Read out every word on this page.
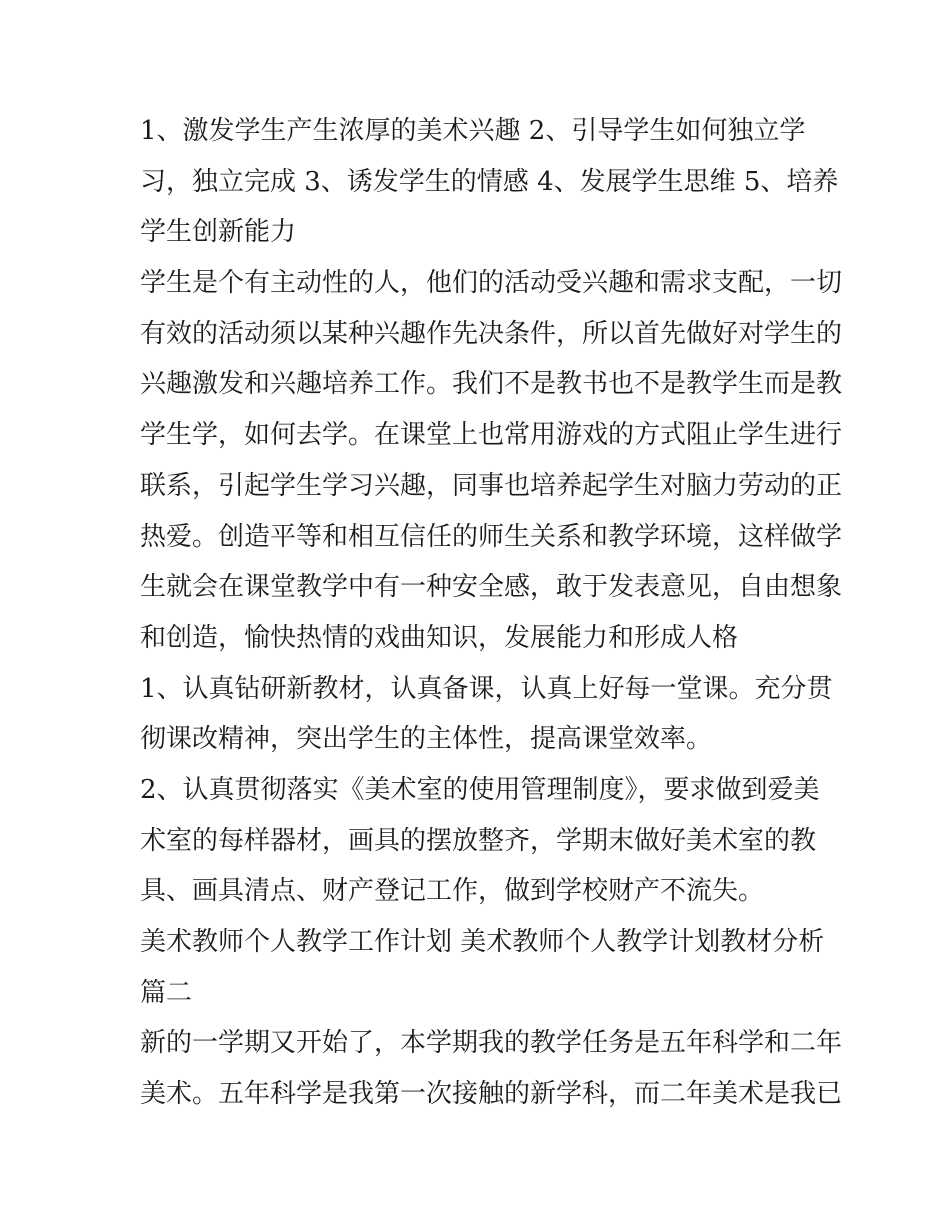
1、激发学生产生浓厚的美术兴趣 2、引导学生如何独立学
习，独立完成 3、诱发学生的情感 4、发展学生思维 5、培养
学生创新能力
学生是个有主动性的人，他们的活动受兴趣和需求支配，一切
有效的活动须以某种兴趣作先决条件，所以首先做好对学生的
兴趣激发和兴趣培养工作。我们不是教书也不是教学生而是教
学生学，如何去学。在课堂上也常用游戏的方式阻止学生进行
联系，引起学生学习兴趣，同事也培养起学生对脑力劳动的正
热爱。创造平等和相互信任的师生关系和教学环境，这样做学
生就会在课堂教学中有一种安全感，敢于发表意见，自由想象
和创造，愉快热情的戏曲知识，发展能力和形成人格
1、认真钻研新教材，认真备课，认真上好每一堂课。充分贯
彻课改精神，突出学生的主体性，提高课堂效率。
2、认真贯彻落实《美术室的使用管理制度》，要求做到爱美
术室的每样器材，画具的摆放整齐，学期末做好美术室的教
具、画具清点、财产登记工作，做到学校财产不流失。
美术教师个人教学工作计划 美术教师个人教学计划教材分析
篇二
新的一学期又开始了，本学期我的教学任务是五年科学和二年
美术。五年科学是我第一次接触的新学科，而二年美术是我已
